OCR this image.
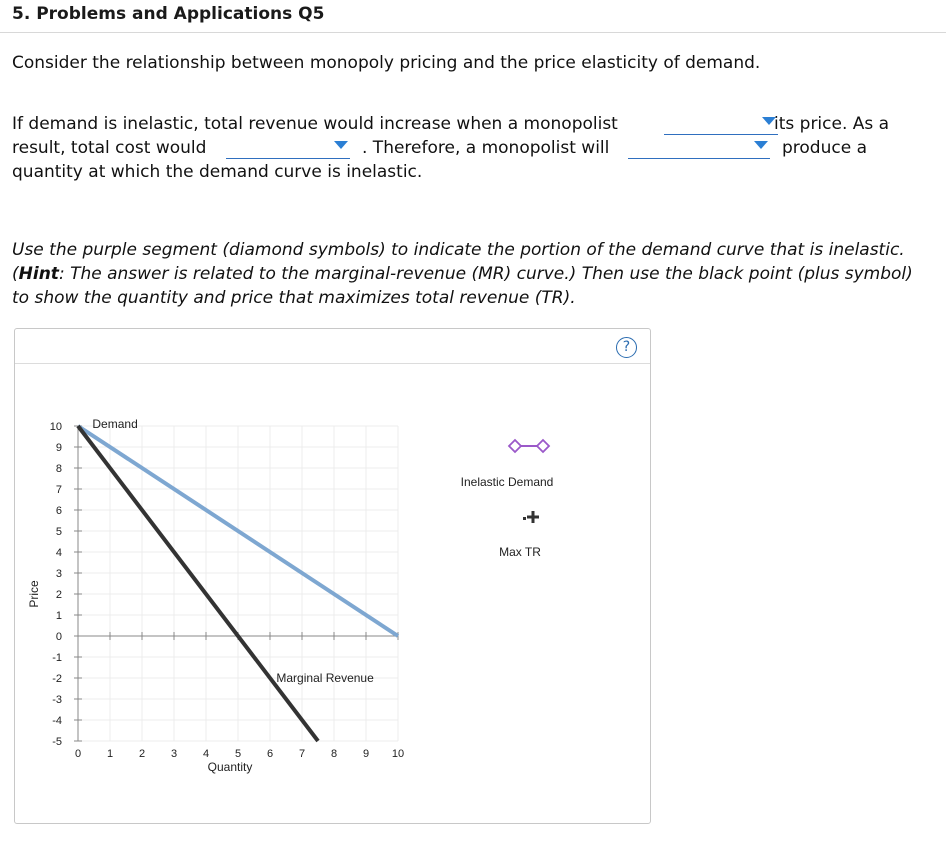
5. Problems and Applications Q5
Consider the relationship between monopoly pricing and the price elasticity of demand.
If demand is inelastic, total revenue would increase when a monopolist	its price. As a
result, total cost would	. Therefore, a monopolist will	produce a
quantity at which the demand curve is inelastic.
Use the purple segment (diamond symbols) to indicate the portion of the demand curve that is inelastic. (Hint: The answer is related to the marginal-revenue (MR) curve.) Then use the black point (plus symbol) to show the quantity and price that maximizes total revenue (TR).
?
0 1 2 3 4 5 6 7 8 9 10
10
9
8
7
6
5
4
3
2
1
0
-1
-2
-3
-4
-5
Quantity
Price
Demand
Marginal Revenue
Inelastic Demand
Max TR
